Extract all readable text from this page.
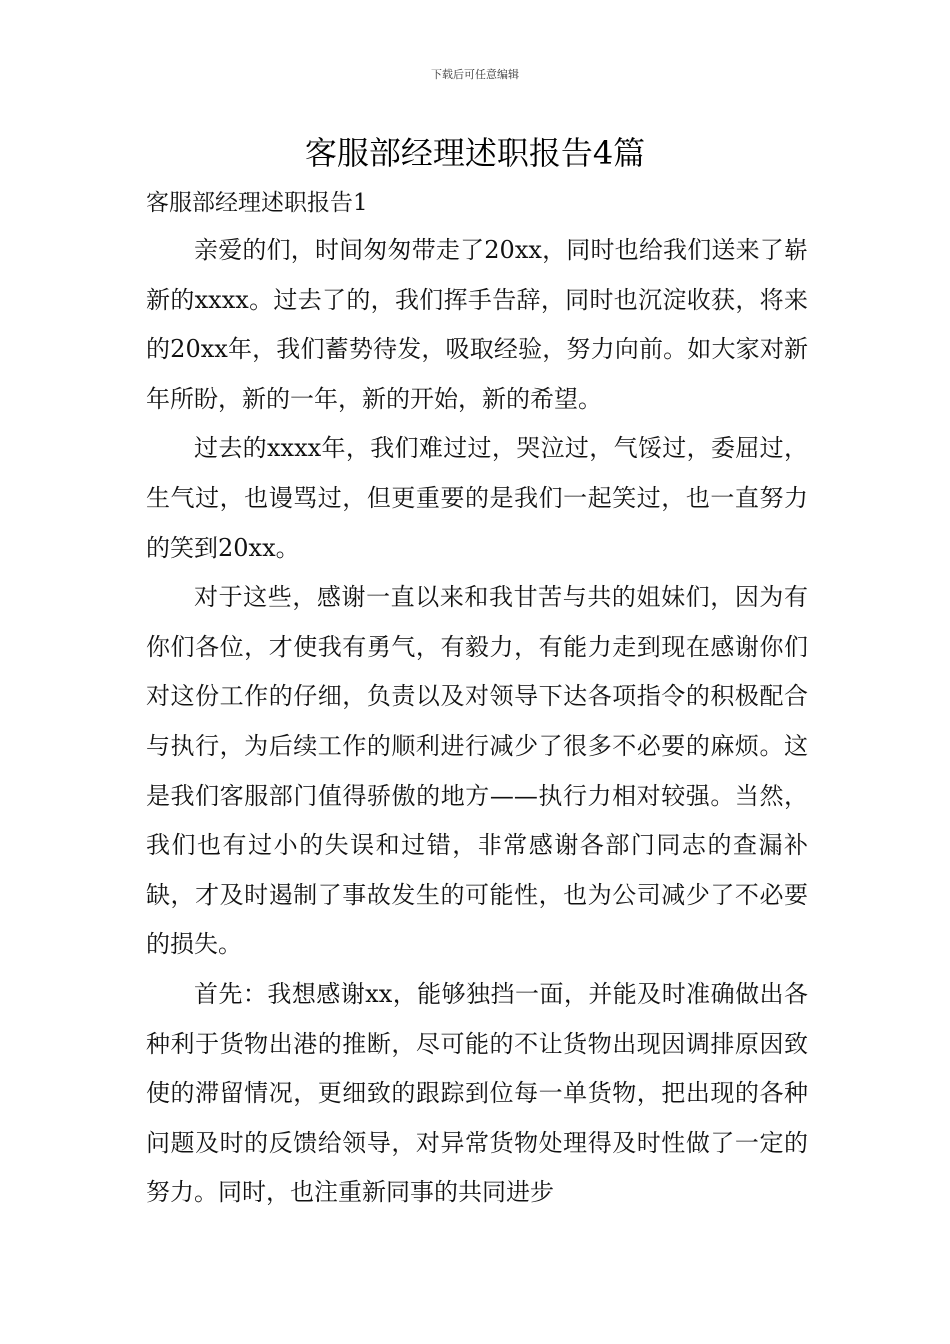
下载后可任意编辑
客服部经理述职报告4篇
客服部经理述职报告1

亲爱的们，时间匆匆带走了20xx，同时也给我们送来了崭新的xxxx。过去了的，我们挥手告辞，同时也沉淀收获，将来的20xx年，我们蓄势待发，吸取经验，努力向前。如大家对新年所盼，新的一年，新的开始，新的希望。

过去的xxxx年，我们难过过，哭泣过，气馁过，委屈过，生气过，也谩骂过，但更重要的是我们一起笑过，也一直努力的笑到20xx。

对于这些，感谢一直以来和我甘苦与共的姐妹们，因为有你们各位，才使我有勇气，有毅力，有能力走到现在感谢你们对这份工作的仔细，负责以及对领导下达各项指令的积极配合与执行，为后续工作的顺利进行减少了很多不必要的麻烦。这是我们客服部门值得骄傲的地方——执行力相对较强。当然，我们也有过小的失误和过错，非常感谢各部门同志的查漏补缺，才及时遏制了事故发生的可能性，也为公司减少了不必要的损失。

首先：我想感谢xx，能够独挡一面，并能及时准确做出各种利于货物出港的推断，尽可能的不让货物出现因调排原因致使的滞留情况，更细致的跟踪到位每一单货物，把出现的各种问题及时的反馈给领导，对异常货物处理得及时性做了一定的努力。同时，也注重新同事的共同进步
